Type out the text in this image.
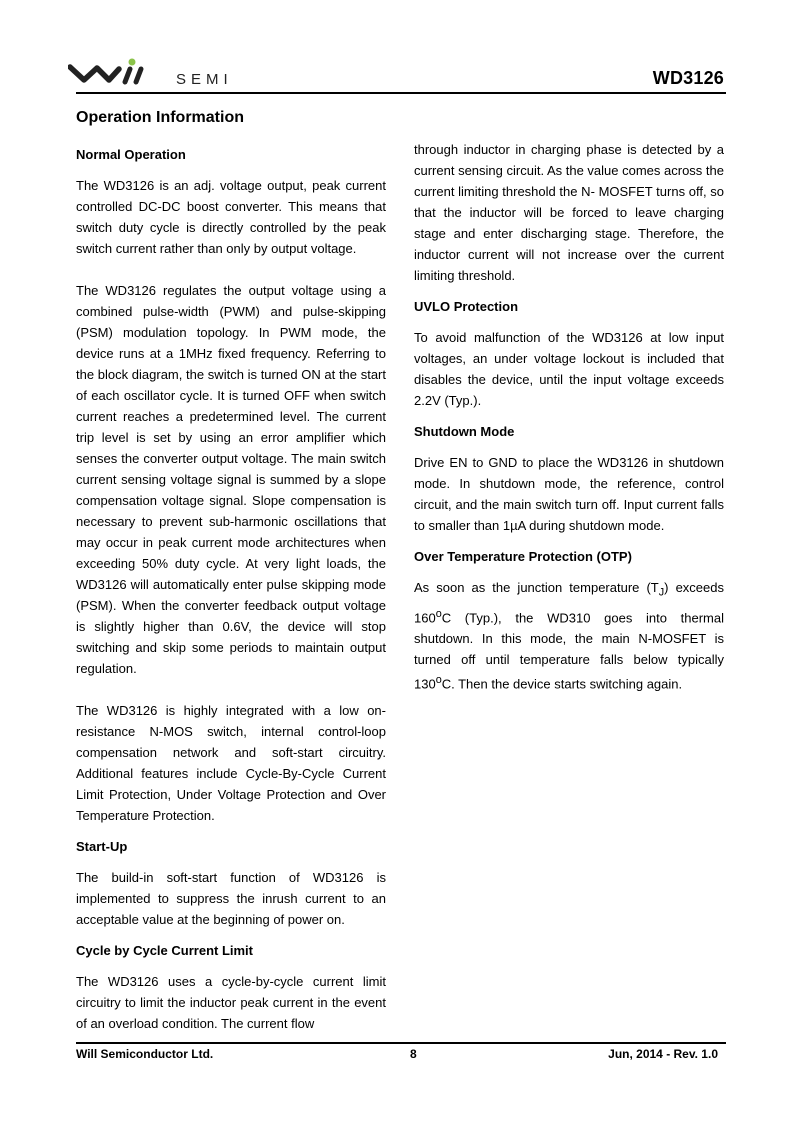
SEMI	WD3126
Operation Information
Normal Operation

The WD3126 is an adj. voltage output, peak current controlled DC-DC boost converter. This means that switch duty cycle is directly controlled by the peak switch current rather than only by output voltage.

The WD3126 regulates the output voltage using a combined pulse-width (PWM) and pulse-skipping (PSM) modulation topology. In PWM mode, the device runs at a 1MHz fixed frequency. Referring to the block diagram, the switch is turned ON at the start of each oscillator cycle. It is turned OFF when switch current reaches a predetermined level. The current trip level is set by using an error amplifier which senses the converter output voltage. The main switch current sensing voltage signal is summed by a slope compensation voltage signal. Slope compensation is necessary to prevent sub-harmonic oscillations that may occur in peak current mode architectures when exceeding 50% duty cycle. At very light loads, the WD3126 will automatically enter pulse skipping mode (PSM). When the converter feedback output voltage is slightly higher than 0.6V, the device will stop switching and skip some periods to maintain output regulation.

The WD3126 is highly integrated with a low on-resistance N-MOS switch, internal control-loop compensation network and soft-start circuitry. Additional features include Cycle-By-Cycle Current Limit Protection, Under Voltage Protection and Over Temperature Protection.

Start-Up

The build-in soft-start function of WD3126 is implemented to suppress the inrush current to an acceptable value at the beginning of power on.

Cycle by Cycle Current Limit

The WD3126 uses a cycle-by-cycle current limit circuitry to limit the inductor peak current in the event of an overload condition. The current flow

through inductor in charging phase is detected by a current sensing circuit. As the value comes across the current limiting threshold the N- MOSFET turns off, so that the inductor will be forced to leave charging stage and enter discharging stage. Therefore, the inductor current will not increase over the current limiting threshold.

UVLO Protection

To avoid malfunction of the WD3126 at low input voltages, an under voltage lockout is included that disables the device, until the input voltage exceeds 2.2V (Typ.).

Shutdown Mode

Drive EN to GND to place the WD3126 in shutdown mode. In shutdown mode, the reference, control circuit, and the main switch turn off. Input current falls to smaller than 1µA during shutdown mode.

Over Temperature Protection (OTP)

As soon as the junction temperature $(T_J)$ exceeds 160$^o$C (Typ.), the WD310 goes into thermal shutdown. In this mode, the main N-MOSFET is turned off until temperature falls below typically 130$^o$C. Then the device starts switching again.

Will Semiconductor Ltd.	8	Jun, 2014 - Rev. 1.0
